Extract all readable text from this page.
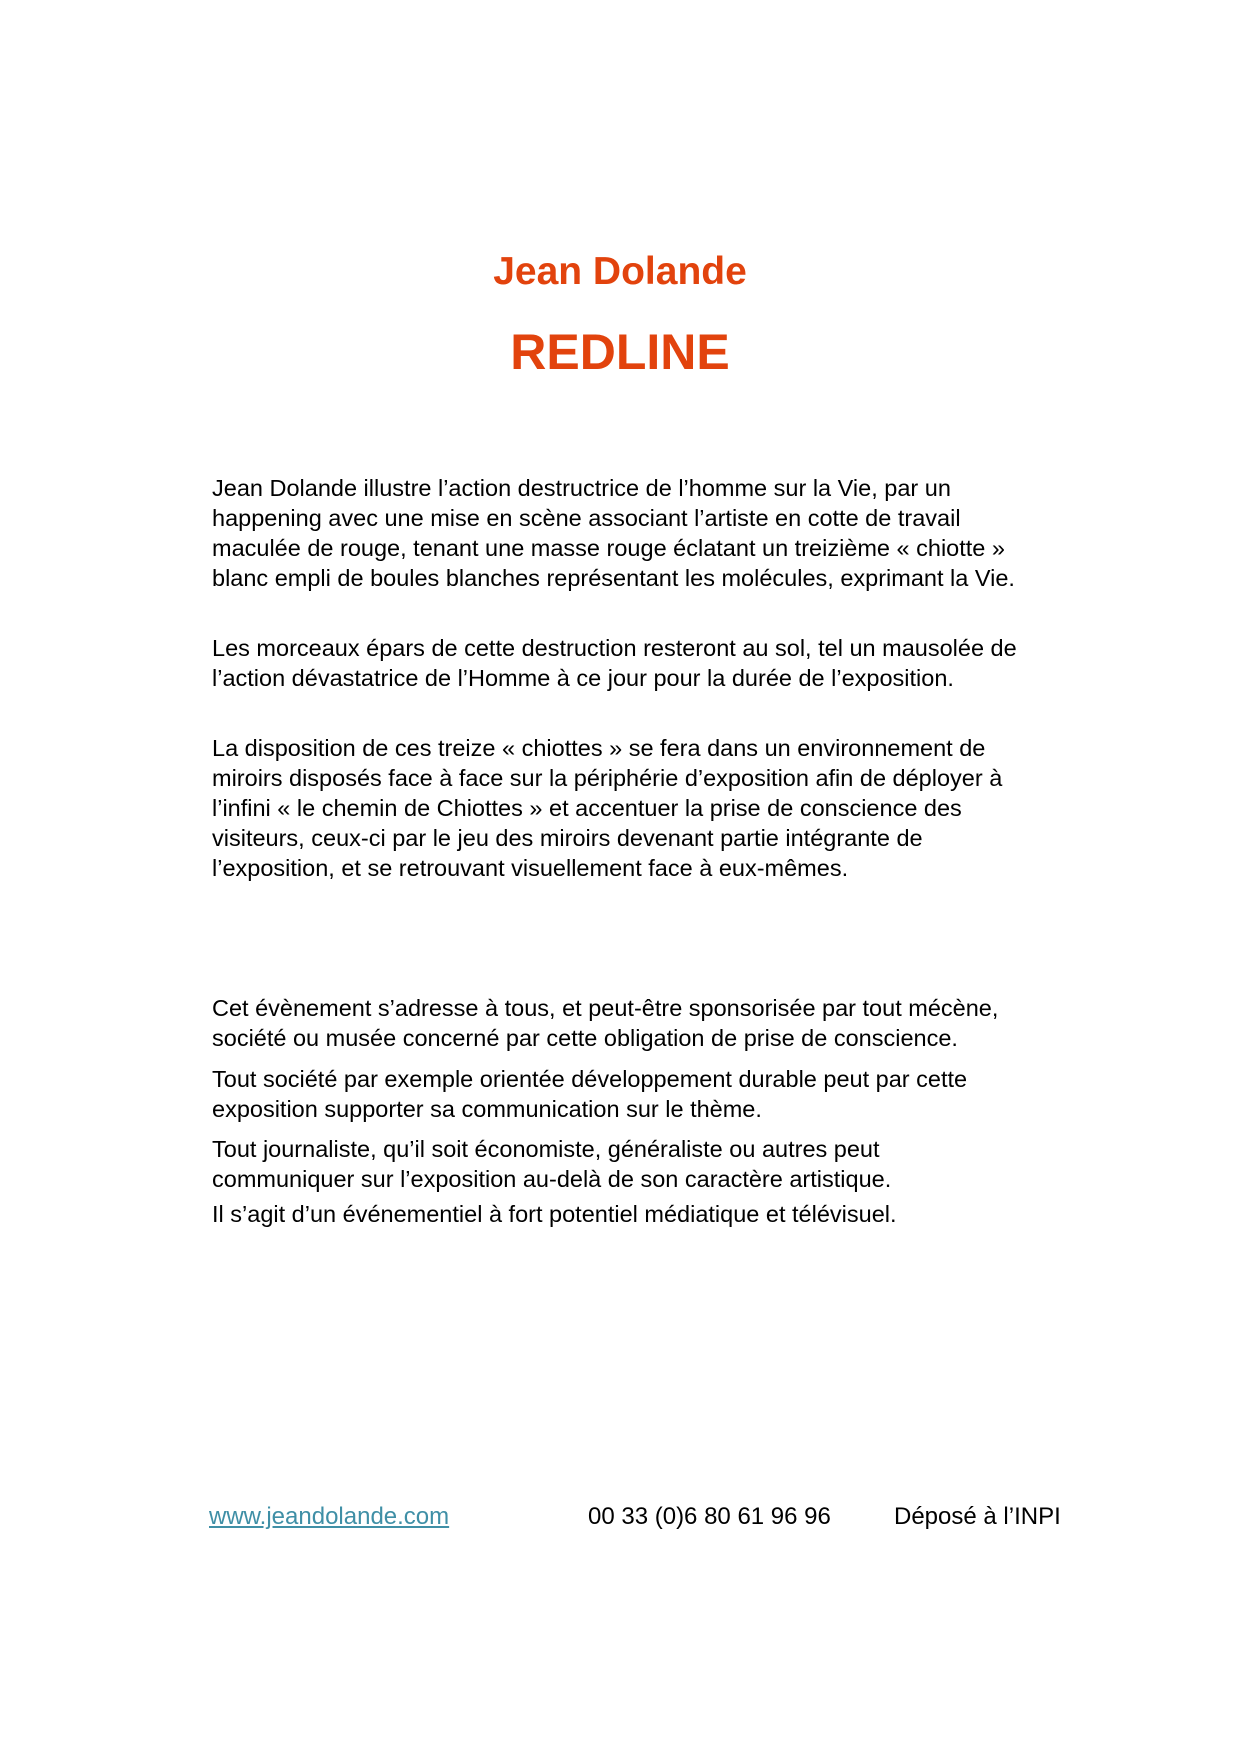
Jean Dolande
REDLINE

Jean Dolande illustre l’action destructrice de l’homme sur la Vie, par un
happening avec une mise en scène associant l’artiste en cotte de travail
maculée de rouge, tenant une masse rouge éclatant un treizième « chiotte »
blanc empli de boules blanches représentant les molécules, exprimant la Vie.

Les morceaux épars de cette destruction resteront au sol, tel un mausolée de
l’action dévastatrice de l’Homme à ce jour pour la durée de l’exposition.

La disposition de ces treize « chiottes » se fera dans un environnement de
miroirs disposés face à face sur la périphérie d’exposition afin de déployer à
l’infini « le chemin de Chiottes » et accentuer la prise de conscience des
visiteurs, ceux-ci par le jeu des miroirs devenant partie intégrante de
l’exposition, et se retrouvant visuellement face à eux-mêmes.

Cet évènement s’adresse à tous, et peut-être sponsorisée par tout mécène,
société ou musée concerné par cette obligation de prise de conscience.

Tout société par exemple orientée développement durable peut par cette
exposition supporter sa communication sur le thème.

Tout journaliste, qu’il soit économiste, généraliste ou autres peut
communiquer sur l’exposition au-delà de son caractère artistique.

Il s’agit d’un événementiel à fort potentiel médiatique et télévisuel.

www.jeandolande.com	00 33 (0)6 80 61 96 96	Déposé à l’INPI
